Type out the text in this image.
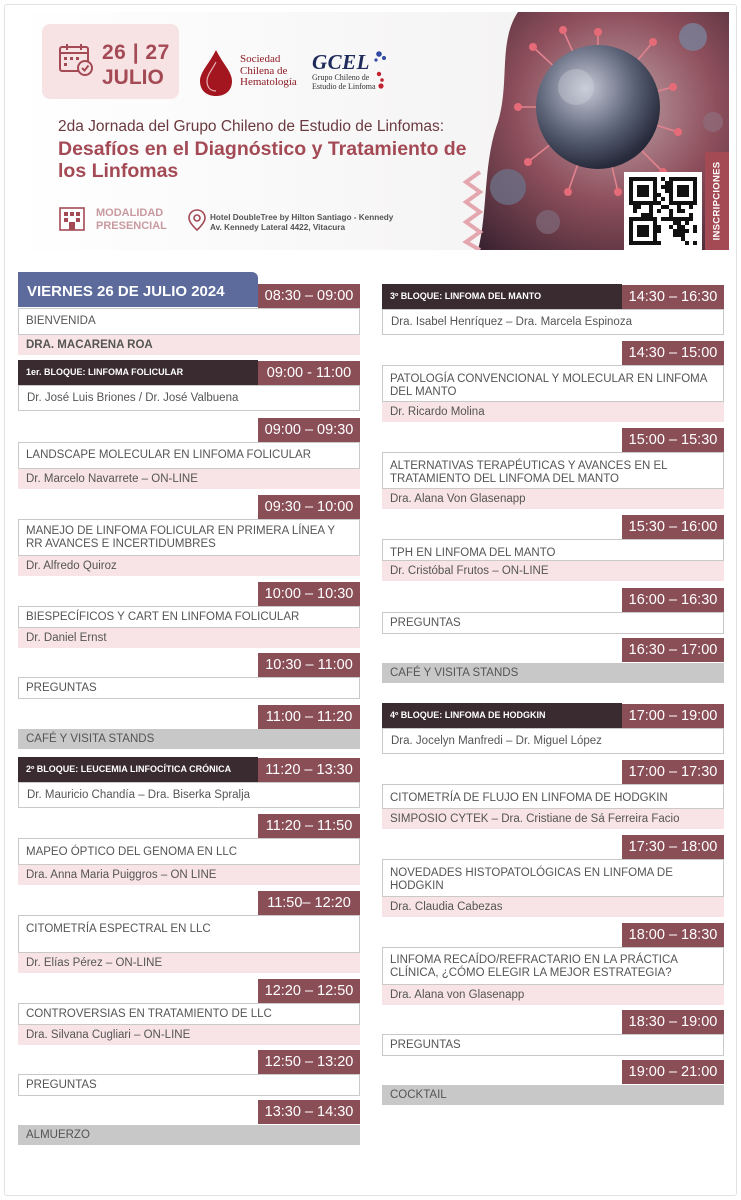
26 | 27
JULIO
Sociedad
Chilena de
Hematología
GCEL
Grupo Chileno de
Estudio de Linfoma
2da Jornada del Grupo Chileno de Estudio de Linfomas:
Desafíos en el Diagnóstico y Tratamiento de los Linfomas
MODALIDAD
PRESENCIAL
Hotel DoubleTree by Hilton Santiago - Kennedy
Av. Kennedy Lateral 4422, Vitacura	INSCRIPCIONES
VIERNES 26 DE JULIO 2024	08:30 – 09:00
BIENVENIDA
DRA. MACARENA ROA
1er. BLOQUE: LINFOMA FOLICULAR	09:00 - 11:00
Dr. José Luis Briones / Dr. José Valbuena
09:00 – 09:30
LANDSCAPE MOLECULAR EN LINFOMA FOLICULAR
Dr. Marcelo Navarrete – ON-LINE
09:30 – 10:00
MANEJO DE LINFOMA FOLICULAR EN PRIMERA LÍNEA Y RR AVANCES E INCERTIDUMBRES
Dr. Alfredo Quiroz
10:00 – 10:30
BIESPECÍFICOS Y CART EN LINFOMA FOLICULAR
Dr. Daniel Ernst
10:30 – 11:00
PREGUNTAS
11:00 – 11:20
CAFÉ Y VISITA STANDS
2º BLOQUE: LEUCEMIA LINFOCÍTICA CRÓNICA	11:20 – 13:30
Dr. Mauricio Chandía – Dra. Biserka Spralja
11:20 – 11:50
MAPEO ÓPTICO DEL GENOMA EN LLC
Dra. Anna Maria Puiggros – ON LINE
11:50– 12:20
CITOMETRÍA ESPECTRAL EN LLC
Dr. Elías Pérez – ON-LINE
12:20 – 12:50
CONTROVERSIAS EN TRATAMIENTO DE LLC
Dra. Silvana Cugliari – ON-LINE
12:50 – 13:20
PREGUNTAS
13:30 – 14:30
ALMUERZO
3º BLOQUE: LINFOMA DEL MANTO	14:30 – 16:30
Dra. Isabel Henríquez – Dra. Marcela Espinoza
14:30 – 15:00
PATOLOGÍA CONVENCIONAL Y MOLECULAR EN LINFOMA DEL MANTO
Dr. Ricardo Molina
15:00 – 15:30
ALTERNATIVAS TERAPÉUTICAS Y AVANCES EN EL TRATAMIENTO DEL LINFOMA DEL MANTO
Dra. Alana Von Glasenapp
15:30 – 16:00
TPH EN LINFOMA DEL MANTO
Dr. Cristóbal Frutos – ON-LINE
16:00 – 16:30
PREGUNTAS
16:30 – 17:00
CAFÉ Y VISITA STANDS
4º BLOQUE: LINFOMA DE HODGKIN	17:00 – 19:00
Dra. Jocelyn Manfredi – Dr. Miguel López
17:00 – 17:30
CITOMETRÍA DE FLUJO EN LINFOMA DE HODGKIN
SIMPOSIO CYTEK – Dra. Cristiane de Sá Ferreira Facio
17:30 – 18:00
NOVEDADES HISTOPATOLÓGICAS EN LINFOMA DE HODGKIN
Dra. Claudia Cabezas
18:00 – 18:30
LINFOMA RECAÍDO/REFRACTARIO EN LA PRÁCTICA CLÍNICA, ¿CÓMO ELEGIR LA MEJOR ESTRATEGIA?
Dra. Alana von Glasenapp
18:30 – 19:00
PREGUNTAS
19:00 – 21:00
COCKTAIL
